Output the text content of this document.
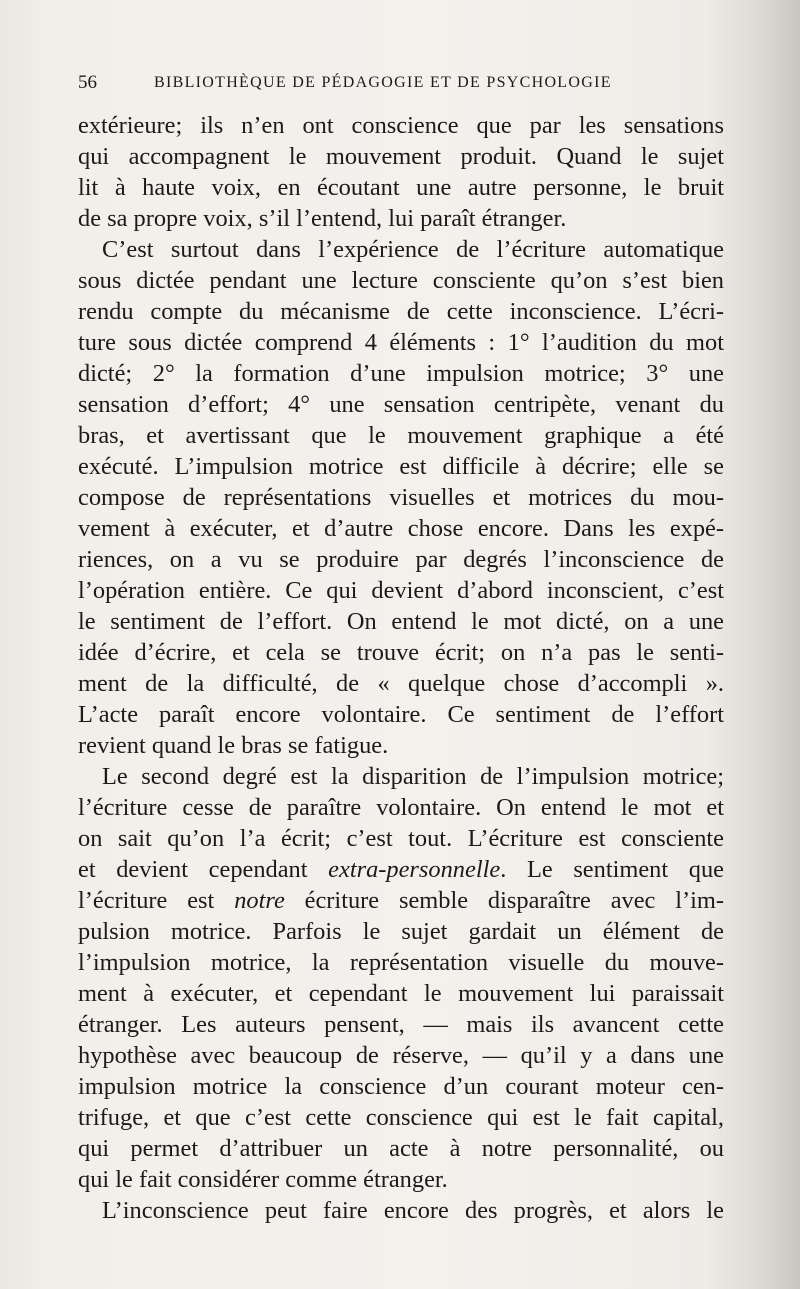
56	BIBLIOTHÈQUE DE PÉDAGOGIE ET DE PSYCHOLOGIE
extérieure; ils n’en ont conscience que par les sensations
qui accompagnent le mouvement produit. Quand le sujet
lit à haute voix, en écoutant une autre personne, le bruit
de sa propre voix, s’il l’entend, lui paraît étranger.
C’est surtout dans l’expérience de l’écriture automatique
sous dictée pendant une lecture consciente qu’on s’est bien
rendu compte du mécanisme de cette inconscience. L’écri-
ture sous dictée comprend 4 éléments : 1° l’audition du mot
dicté; 2° la formation d’une impulsion motrice; 3° une
sensation d’effort; 4° une sensation centripète, venant du
bras, et avertissant que le mouvement graphique a été
exécuté. L’impulsion motrice est difficile à décrire; elle se
compose de représentations visuelles et motrices du mou-
vement à exécuter, et d’autre chose encore. Dans les expé-
riences, on a vu se produire par degrés l’inconscience de
l’opération entière. Ce qui devient d’abord inconscient, c’est
le sentiment de l’effort. On entend le mot dicté, on a une
idée d’écrire, et cela se trouve écrit; on n’a pas le senti-
ment de la difficulté, de « quelque chose d’accompli ».
L’acte paraît encore volontaire. Ce sentiment de l’effort
revient quand le bras se fatigue.
Le second degré est la disparition de l’impulsion motrice;
l’écriture cesse de paraître volontaire. On entend le mot et
on sait qu’on l’a écrit; c’est tout. L’écriture est consciente
et devient cependant extra-personnelle. Le sentiment que
l’écriture est notre écriture semble disparaître avec l’im-
pulsion motrice. Parfois le sujet gardait un élément de
l’impulsion motrice, la représentation visuelle du mouve-
ment à exécuter, et cependant le mouvement lui paraissait
étranger. Les auteurs pensent, — mais ils avancent cette
hypothèse avec beaucoup de réserve, — qu’il y a dans une
impulsion motrice la conscience d’un courant moteur cen-
trifuge, et que c’est cette conscience qui est le fait capital,
qui permet d’attribuer un acte à notre personnalité, ou
qui le fait considérer comme étranger.
L’inconscience peut faire encore des progrès, et alors le
